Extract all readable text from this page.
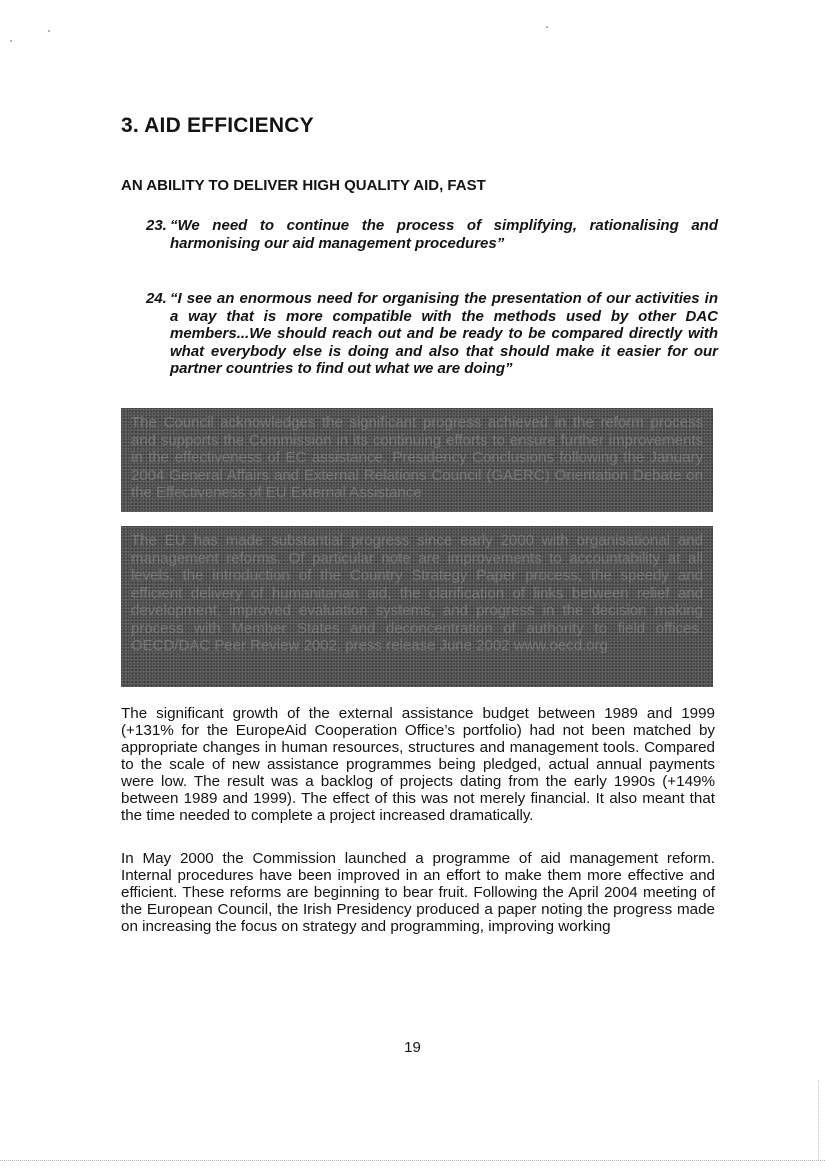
3. AID EFFICIENCY
AN ABILITY TO DELIVER HIGH QUALITY AID, FAST
23. “We need to continue the process of simplifying, rationalising and harmonising our aid management procedures”
24. “I see an enormous need for organising the presentation of our activities in a way that is more compatible with the methods used by other DAC members...We should reach out and be ready to be compared directly with what everybody else is doing and also that should make it easier for our partner countries to find out what we are doing”

The Council acknowledges the significant progress achieved in the reform process and supports the Commission in its continuing efforts to ensure further improvements in the effectiveness of EC assistance. Presidency Conclusions following the January 2004 General Affairs and External Relations Council (GAERC) Orientation Debate on the Effectiveness of EU External Assistance

The EU has made substantial progress since early 2000 with organisational and management reforms. Of particular note are improvements to accountability at all levels, the introduction of the Country Strategy Paper process, the speedy and efficient delivery of humanitarian aid, the clarification of links between relief and development, improved evaluation systems, and progress in the decision making process with Member States and deconcentration of authority to field offices. OECD/DAC Peer Review 2002, press release June 2002 www.oecd.org

The significant growth of the external assistance budget between 1989 and 1999 (+131% for the EuropeAid Cooperation Office’s portfolio) had not been matched by appropriate changes in human resources, structures and management tools. Compared to the scale of new assistance programmes being pledged, actual annual payments were low. The result was a backlog of projects dating from the early 1990s (+149% between 1989 and 1999). The effect of this was not merely financial. It also meant that the time needed to complete a project increased dramatically.

In May 2000 the Commission launched a programme of aid management reform. Internal procedures have been improved in an effort to make them more effective and efficient. These reforms are beginning to bear fruit. Following the April 2004 meeting of the European Council, the Irish Presidency produced a paper noting the progress made on increasing the focus on strategy and programming, improving working

19
